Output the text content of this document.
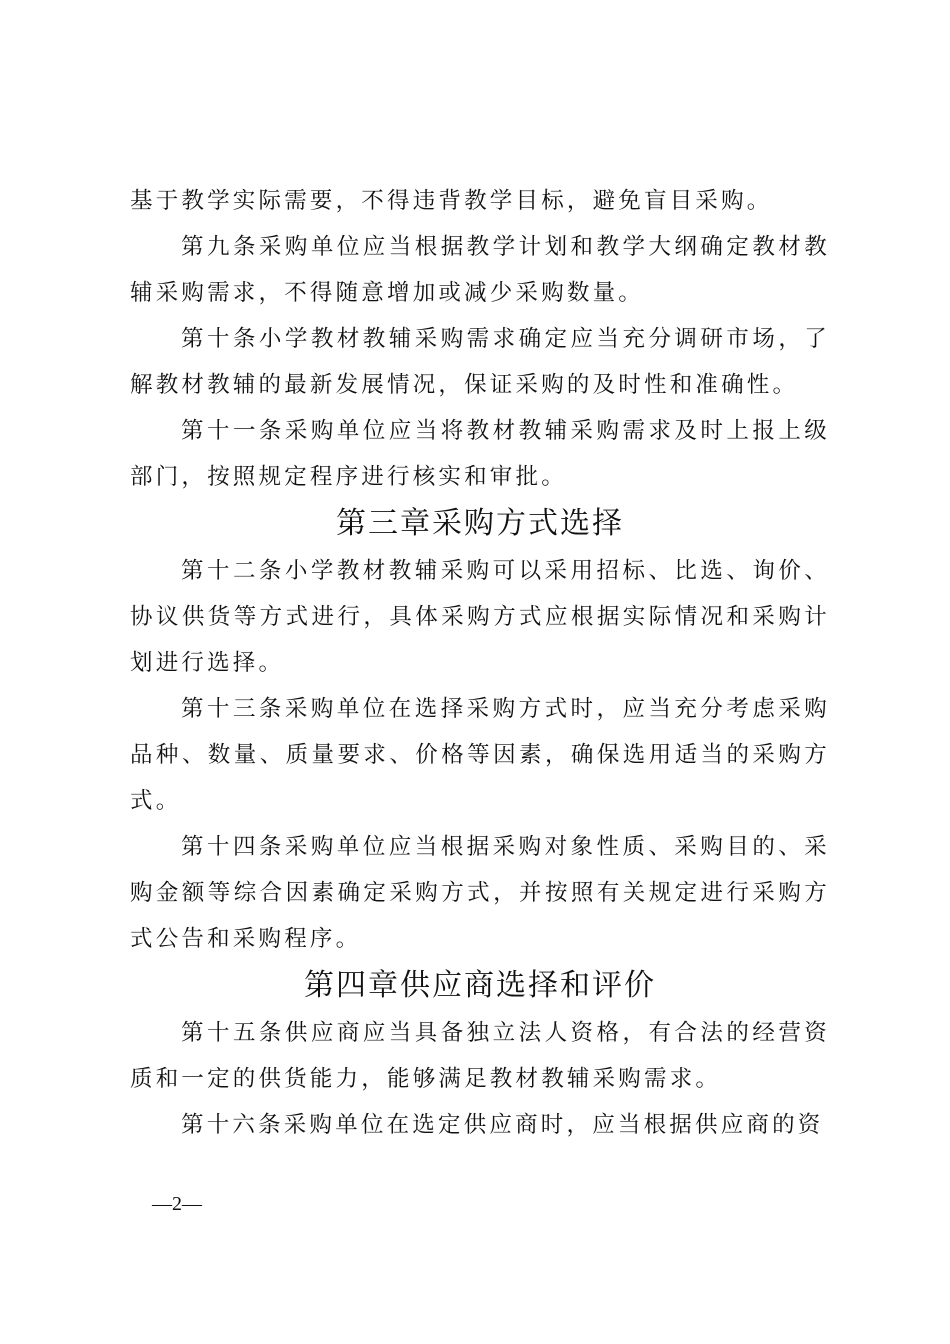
基于教学实际需要，不得违背教学目标，避免盲目采购。

第九条采购单位应当根据教学计划和教学大纲确定教材教辅采购需求，不得随意增加或减少采购数量。

第十条小学教材教辅采购需求确定应当充分调研市场，了解教材教辅的最新发展情况，保证采购的及时性和准确性。

第十一条采购单位应当将教材教辅采购需求及时上报上级部门，按照规定程序进行核实和审批。

第三章采购方式选择

第十二条小学教材教辅采购可以采用招标、比选、询价、协议供货等方式进行，具体采购方式应根据实际情况和采购计划进行选择。

第十三条采购单位在选择采购方式时，应当充分考虑采购品种、数量、质量要求、价格等因素，确保选用适当的采购方式。

第十四条采购单位应当根据采购对象性质、采购目的、采购金额等综合因素确定采购方式，并按照有关规定进行采购方式公告和采购程序。

第四章供应商选择和评价

第十五条供应商应当具备独立法人资格，有合法的经营资质和一定的供货能力，能够满足教材教辅采购需求。

第十六条采购单位在选定供应商时，应当根据供应商的资

—2—
